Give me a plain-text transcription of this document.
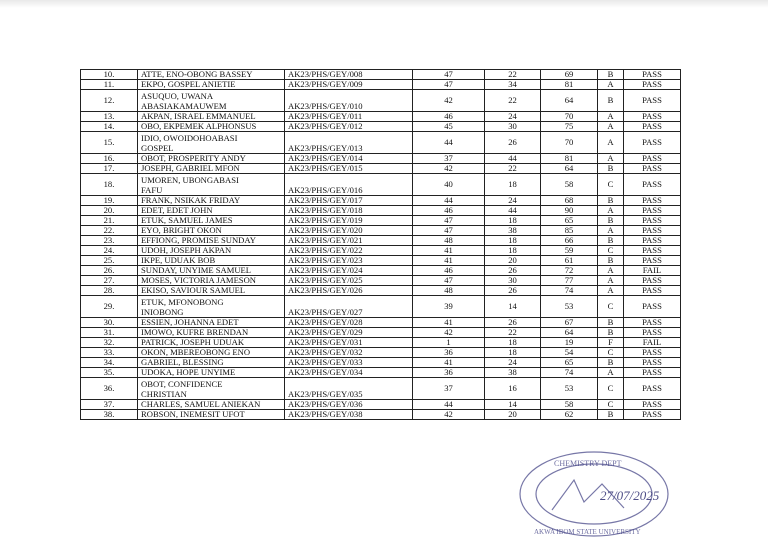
10.	ATTE, ENO-OBONG BASSEY	AK23/PHS/GEY/008	47	22	69	B	PASS
11.	EKPO, GOSPEL ANIETIE	AK23/PHS/GEY/009	47	34	81	A	PASS
12.	ASUQUO, UWANA
ABASIAKAMAUWEM	AK23/PHS/GEY/010	42	22	64	B	PASS
13.	AKPAN, ISRAEL EMMANUEL	AK23/PHS/GEY/011	46	24	70	A	PASS
14.	OBO, EKPEMEK ALPHONSUS	AK23/PHS/GEY/012	45	30	75	A	PASS
15.	IDIO, OWOIDOHOABASI
GOSPEL	AK23/PHS/GEY/013	44	26	70	A	PASS
16.	OBOT, PROSPERITY ANDY	AK23/PHS/GEY/014	37	44	81	A	PASS
17.	JOSEPH, GABRIEL MFON	AK23/PHS/GEY/015	42	22	64	B	PASS
18.	UMOREN, UBONGABASI
FAFU	AK23/PHS/GEY/016	40	18	58	C	PASS
19.	FRANK, NSIKAK FRIDAY	AK23/PHS/GEY/017	44	24	68	B	PASS
20.	EDET, EDET JOHN	AK23/PHS/GEY/018	46	44	90	A	PASS
21.	ETUK, SAMUEL JAMES	AK23/PHS/GEY/019	47	18	65	B	PASS
22.	EYO, BRIGHT OKON	AK23/PHS/GEY/020	47	38	85	A	PASS
23.	EFFIONG, PROMISE SUNDAY	AK23/PHS/GEY/021	48	18	66	B	PASS
24.	UDOH, JOSEPH AKPAN	AK23/PHS/GEY/022	41	18	59	C	PASS
25.	IKPE, UDUAK BOB	AK23/PHS/GEY/023	41	20	61	B	PASS
26.	SUNDAY, UNYIME SAMUEL	AK23/PHS/GEY/024	46	26	72	A	FAIL
27.	MOSES, VICTORIA JAMESON	AK23/PHS/GEY/025	47	30	77	A	PASS
28.	EKISO, SAVIOUR SAMUEL	AK23/PHS/GEY/026	48	26	74	A	PASS
29.	ETUK, MFONOBONG
INIOBONG	AK23/PHS/GEY/027	39	14	53	C	PASS
30.	ESSIEN, JOHANNA EDET	AK23/PHS/GEY/028	41	26	67	B	PASS
31.	IMOWO, KUFRE BRENDAN	AK23/PHS/GEY/029	42	22	64	B	PASS
32.	PATRICK, JOSEPH UDUAK	AK23/PHS/GEY/031	1	18	19	F	FAIL
33.	OKON, MBEREOBONG ENO	AK23/PHS/GEY/032	36	18	54	C	PASS
34.	GABRIEL, BLESSING	AK23/PHS/GEY/033	41	24	65	B	PASS
35.	UDOKA, HOPE UNYIME	AK23/PHS/GEY/034	36	38	74	A	PASS
36.	OBOT, CONFIDENCE
CHRISTIAN	AK23/PHS/GEY/035	37	16	53	C	PASS
37.	CHARLES, SAMUEL ANIEKAN	AK23/PHS/GEY/036	44	14	58	C	PASS
38.	ROBSON, INEMESIT UFOT	AK23/PHS/GEY/038	42	20	62	B	PASS
CHEMISTRY DEPT
AKWA IBOM STATE UNIVERSITY
27/07/2025
